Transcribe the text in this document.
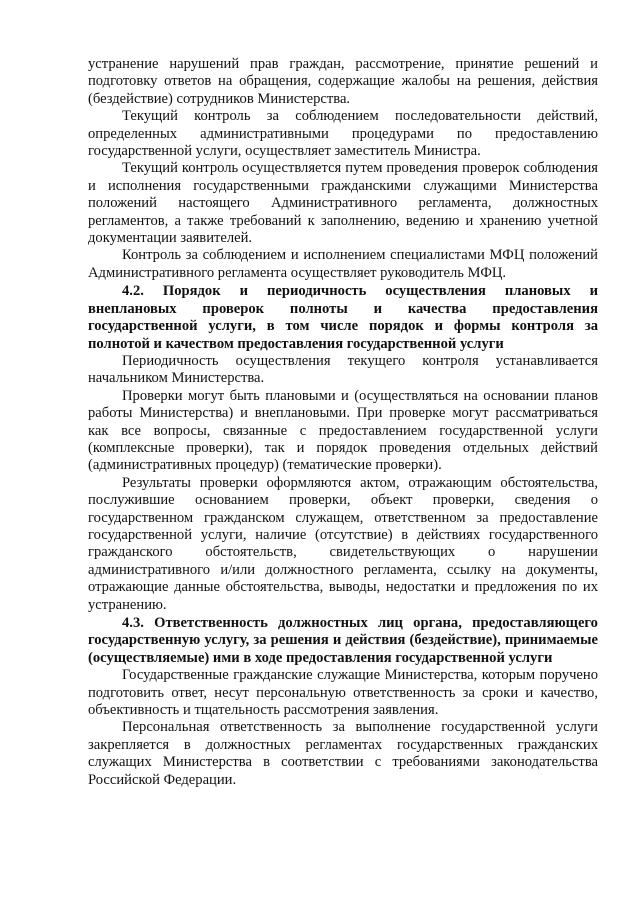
устранение нарушений прав граждан, рассмотрение, принятие решений и подготовку ответов на обращения, содержащие жалобы на решения, действия (бездействие) сотрудников Министерства.

Текущий контроль за соблюдением последовательности действий, определенных административными процедурами по предоставлению государственной услуги, осуществляет заместитель Министра.

Текущий контроль осуществляется путем проведения проверок соблюдения и исполнения государственными гражданскими служащими Министерства положений настоящего Административного регламента, должностных регламентов, а также требований к заполнению, ведению и хранению учетной документации заявителей.

Контроль за соблюдением и исполнением специалистами МФЦ положений Административного регламента осуществляет руководитель МФЦ.

4.2. Порядок и периодичность осуществления плановых и внеплановых проверок полноты и качества предоставления государственной услуги, в том числе порядок и формы контроля за полнотой и качеством предоставления государственной услуги

Периодичность осуществления текущего контроля устанавливается начальником Министерства.

Проверки могут быть плановыми и (осуществляться на основании планов работы Министерства) и внеплановыми. При проверке могут рассматриваться как все вопросы, связанные с предоставлением государственной услуги (комплексные проверки), так и порядок проведения отдельных действий (административных процедур) (тематические проверки).

Результаты проверки оформляются актом, отражающим обстоятельства, послужившие основанием проверки, объект проверки, сведения о государственном гражданском служащем, ответственном за предоставление государственной услуги, наличие (отсутствие) в действиях государственного гражданского обстоятельств, свидетельствующих о нарушении административного и/или должностного регламента, ссылку на документы, отражающие данные обстоятельства, выводы, недостатки и предложения по их устранению.

4.3. Ответственность должностных лиц органа, предоставляющего государственную услугу, за решения и действия (бездействие), принимаемые (осуществляемые) ими в ходе предоставления государственной услуги

Государственные гражданские служащие Министерства, которым поручено подготовить ответ, несут персональную ответственность за сроки и качество, объективность и тщательность рассмотрения заявления.

Персональная ответственность за выполнение государственной услуги закрепляется в должностных регламентах государственных гражданских служащих Министерства в соответствии с требованиями законодательства Российской Федерации.
